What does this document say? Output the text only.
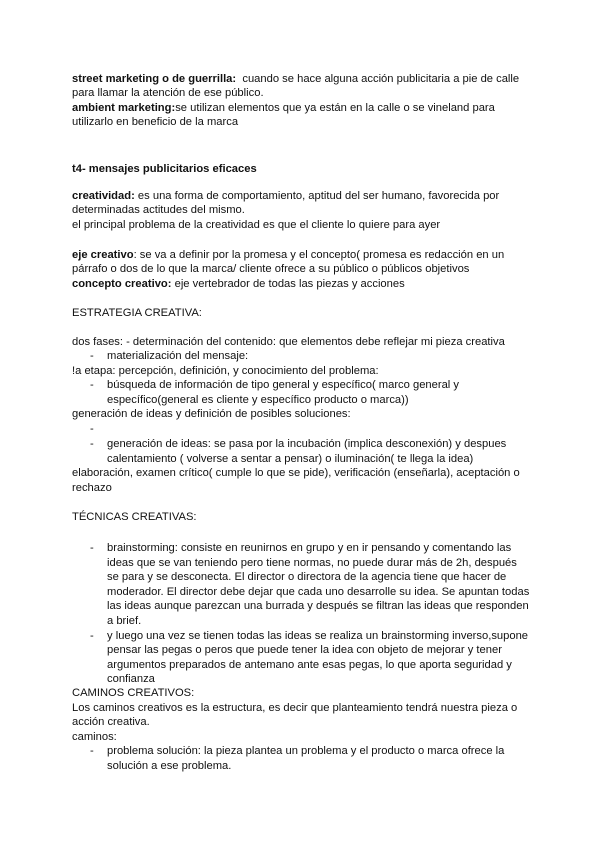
street marketing o de guerrilla: cuando se hace alguna acción publicitaria a pie de calle
para llamar la atención de ese público.
ambient marketing:se utilizan elementos que ya están en la calle o se vineland para
utilizarlo en beneficio de la marca
t4- mensajes publicitarios eficaces
creatividad: es una forma de comportamiento, aptitud del ser humano, favorecida por
determinadas actitudes del mismo.
el principal problema de la creatividad es que el cliente lo quiere para ayer
eje creativo: se va a definir por la promesa y el concepto( promesa es redacción en un
párrafo o dos de lo que la marca/ cliente ofrece a su público o públicos objetivos
concepto creativo: eje vertebrador de todas las piezas y acciones
ESTRATEGIA CREATIVA:
dos fases: - determinación del contenido: que elementos debe reflejar mi pieza creativa
- materialización del mensaje:
!a etapa: percepción, definición, y conocimiento del problema:
- búsqueda de información de tipo general y específico( marco general y
específico(general es cliente y específico producto o marca))
generación de ideas y definición de posibles soluciones:
-
- generación de ideas: se pasa por la incubación (implica desconexión) y despues
calentamiento ( volverse a sentar a pensar) o iluminación( te llega la idea)
elaboración, examen crítico( cumple lo que se pide), verificación (enseñarla), aceptación o
rechazo
TÉCNICAS CREATIVAS:
- brainstorming: consiste en reunirnos en grupo y en ir pensando y comentando las
ideas que se van teniendo pero tiene normas, no puede durar más de 2h, después
se para y se desconecta. El director o directora de la agencia tiene que hacer de
moderador. El director debe dejar que cada uno desarrolle su idea. Se apuntan todas
las ideas aunque parezcan una burrada y después se filtran las ideas que responden
a brief.
- y luego una vez se tienen todas las ideas se realiza un brainstorming inverso,supone
pensar las pegas o peros que puede tener la idea con objeto de mejorar y tener
argumentos preparados de antemano ante esas pegas, lo que aporta seguridad y
confianza
CAMINOS CREATIVOS:
Los caminos creativos es la estructura, es decir que planteamiento tendrá nuestra pieza o
acción creativa.
caminos:
- problema solución: la pieza plantea un problema y el producto o marca ofrece la
solución a ese problema.
